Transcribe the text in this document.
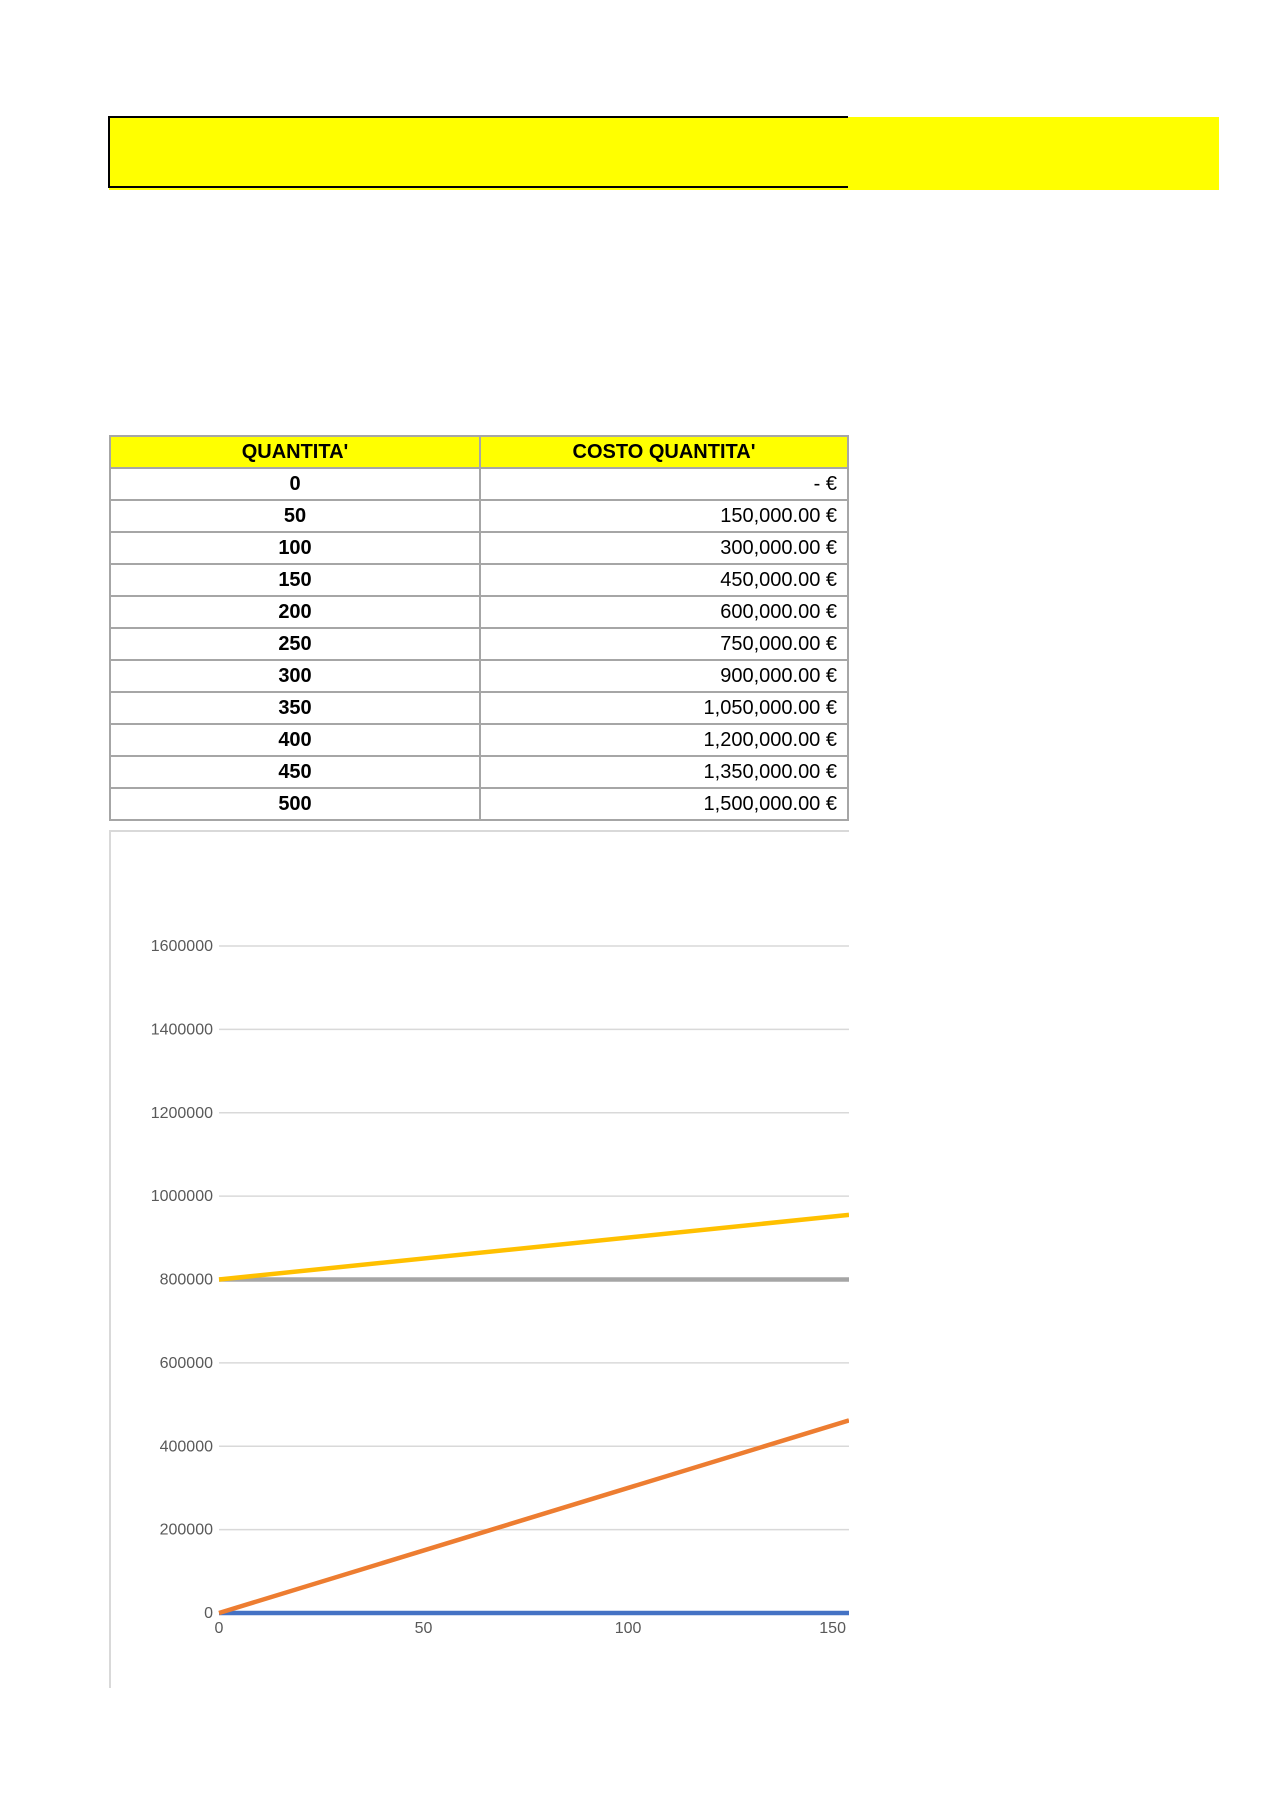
QUANTITA'	COSTO QUANTITA'
0	- €
50	150,000.00 €
100	300,000.00 €
150	450,000.00 €
200	600,000.00 €
250	750,000.00 €
300	900,000.00 €
350	1,050,000.00 €
400	1,200,000.00 €
450	1,350,000.00 €
500	1,500,000.00 €
0
200000
400000
600000
800000
1000000
1200000
1400000
1600000
0	50	100	150
